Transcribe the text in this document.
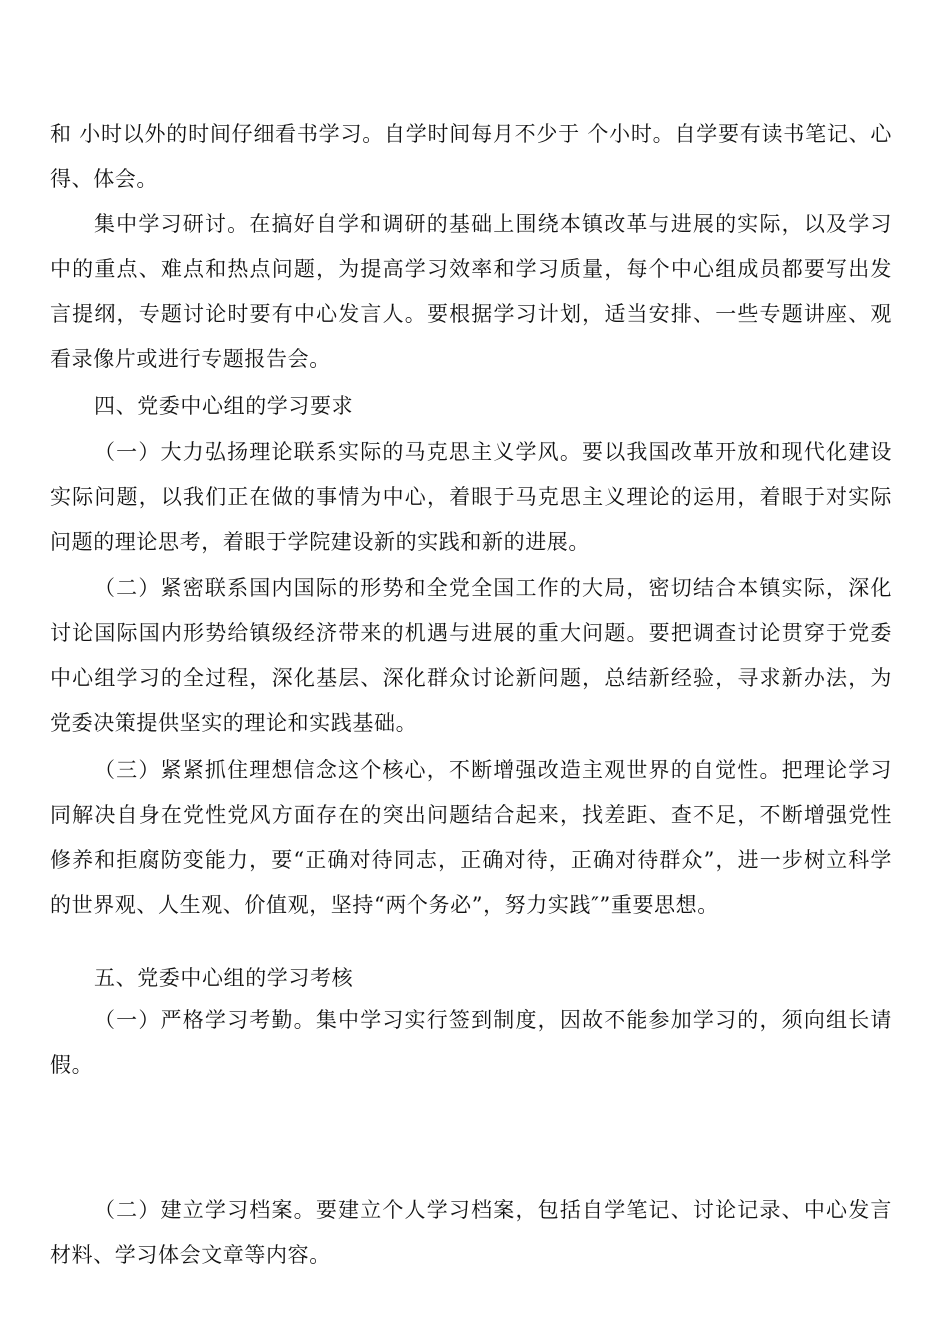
和 小时以外的时间仔细看书学习。自学时间每月不少于 个小时。自学要有读书笔记、心得、体会。

集中学习研讨。在搞好自学和调研的基础上围绕本镇改革与进展的实际，以及学习中的重点、难点和热点问题，为提高学习效率和学习质量，每个中心组成员都要写出发言提纲，专题讨论时要有中心发言人。要根据学习计划，适当安排、一些专题讲座、观看录像片或进行专题报告会。

四、党委中心组的学习要求

（一）大力弘扬理论联系实际的马克思主义学风。要以我国改革开放和现代化建设实际问题，以我们正在做的事情为中心，着眼于马克思主义理论的运用，着眼于对实际问题的理论思考，着眼于学院建设新的实践和新的进展。

（二）紧密联系国内国际的形势和全党全国工作的大局，密切结合本镇实际，深化讨论国际国内形势给镇级经济带来的机遇与进展的重大问题。要把调查讨论贯穿于党委中心组学习的全过程，深化基层、深化群众讨论新问题，总结新经验，寻求新办法，为党委决策提供坚实的理论和实践基础。

（三）紧紧抓住理想信念这个核心，不断增强改造主观世界的自觉性。把理论学习同解决自身在党性党风方面存在的突出问题结合起来，找差距、查不足，不断增强党性修养和拒腐防变能力，要“正确对待同志，正确对待，正确对待群众”，进一步树立科学的世界观、人生观、价值观，坚持“两个务必”，努力实践″”重要思想。

五、党委中心组的学习考核

（一）严格学习考勤。集中学习实行签到制度，因故不能参加学习的，须向组长请假。

（二）建立学习档案。要建立个人学习档案，包括自学笔记、讨论记录、中心发言材料、学习体会文章等内容。
